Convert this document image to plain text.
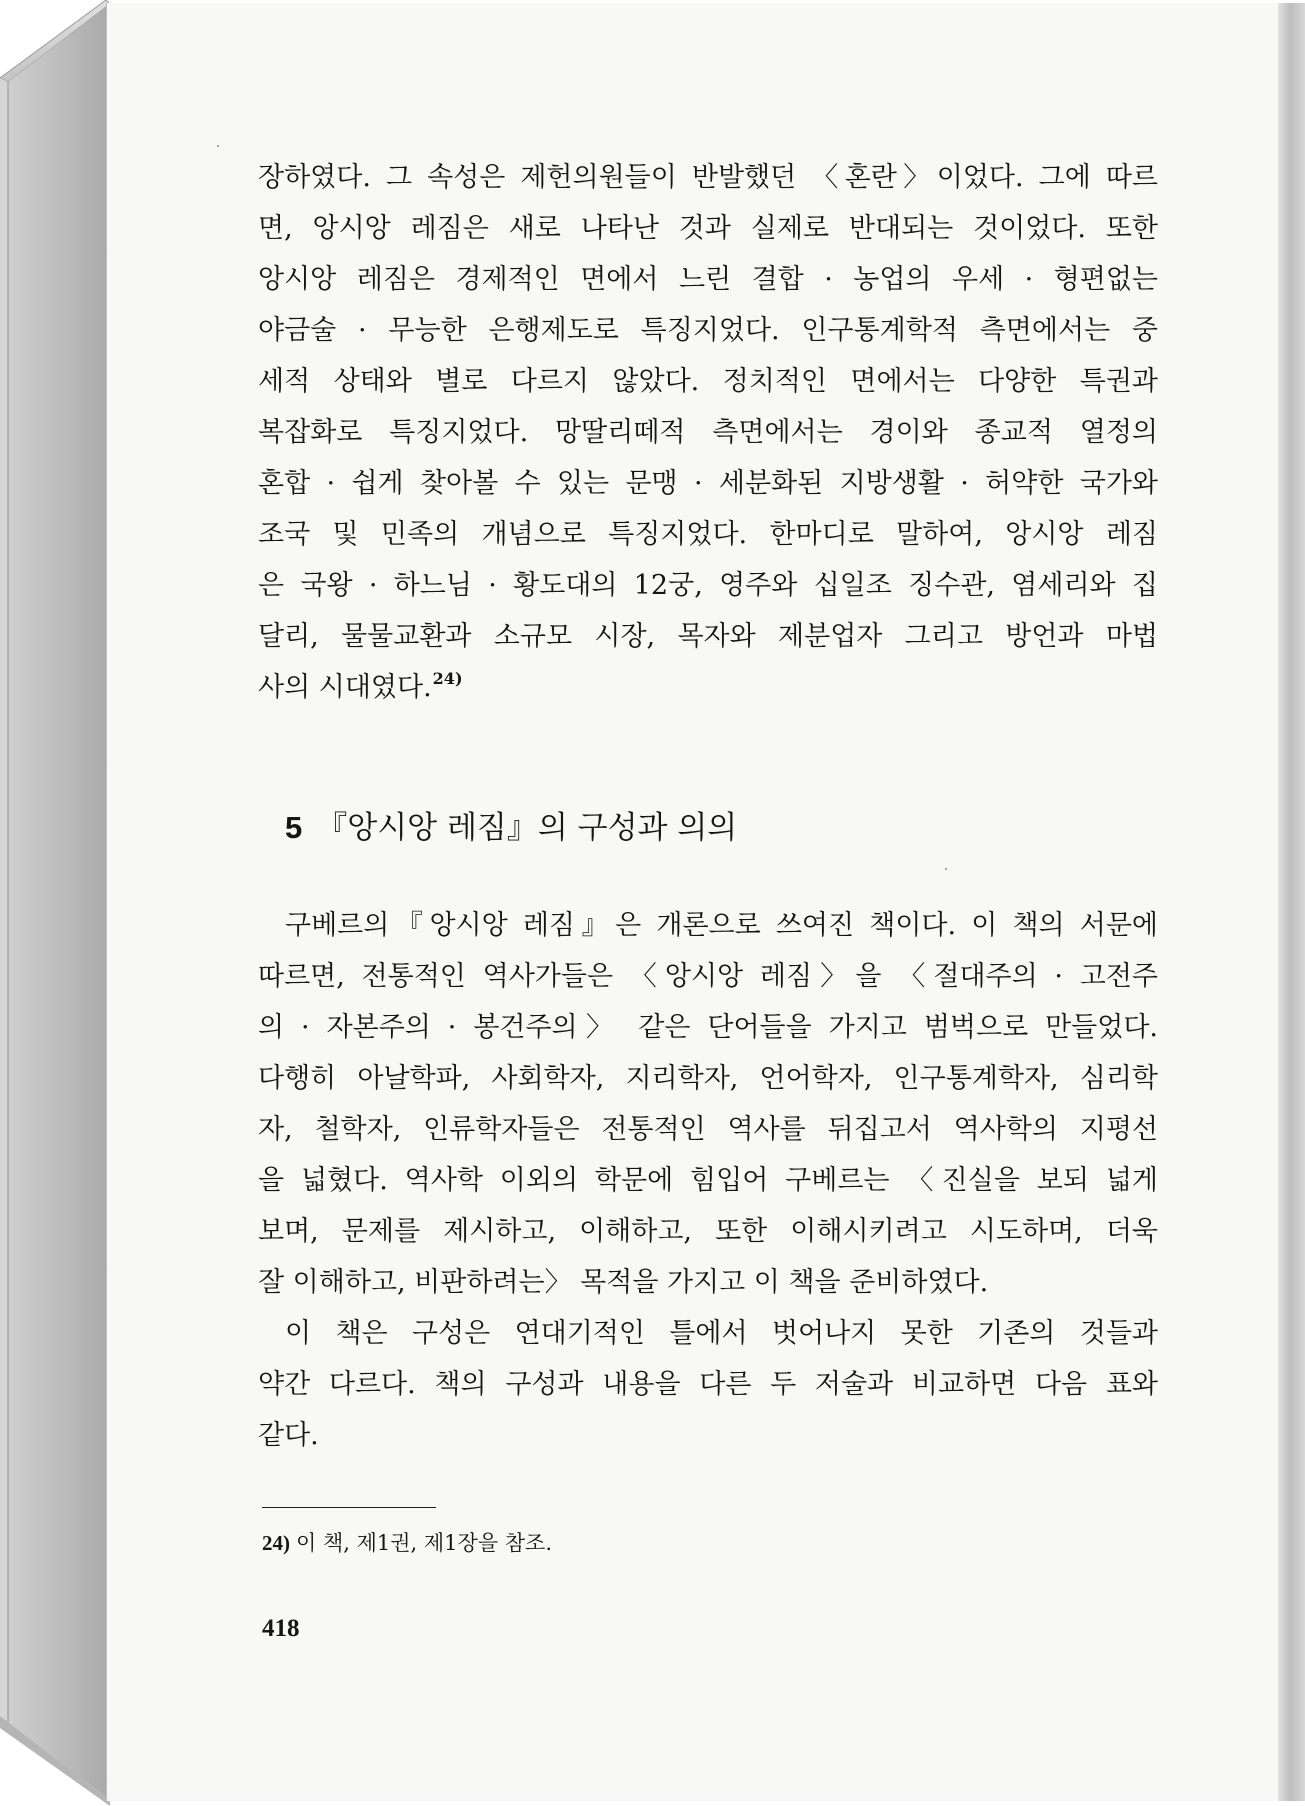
장하였다. 그 속성은 제헌의원들이 반발했던 〈혼란〉이었다. 그에 따르
면, 앙시앙 레짐은 새로 나타난 것과 실제로 반대되는 것이었다. 또한
앙시앙 레짐은 경제적인 면에서 느린 결합 · 농업의 우세 · 형편없는
야금술 · 무능한 은행제도로 특징지었다. 인구통계학적 측면에서는 중
세적 상태와 별로 다르지 않았다. 정치적인 면에서는 다양한 특권과
복잡화로 특징지었다. 망딸리떼적 측면에서는 경이와 종교적 열정의
혼합 · 쉽게 찾아볼 수 있는 문맹 · 세분화된 지방생활 · 허약한 국가와
조국 및 민족의 개념으로 특징지었다. 한마디로 말하여, 앙시앙 레짐
은 국왕 · 하느님 · 황도대의 12궁, 영주와 십일조 징수관, 염세리와 집
달리, 물물교환과 소규모 시장, 목자와 제분업자 그리고 방언과 마법
사의 시대였다.$^{24)}$
5 『앙시앙 레짐』의 구성과 의의
구베르의『앙시앙 레짐』은 개론으로 쓰여진 책이다. 이 책의 서문에
따르면, 전통적인 역사가들은 〈앙시앙 레짐〉을 〈절대주의 · 고전주
의 · 자본주의 · 봉건주의〉 같은 단어들을 가지고 범벅으로 만들었다.
다행히 아날학파, 사회학자, 지리학자, 언어학자, 인구통계학자, 심리학
자, 철학자, 인류학자들은 전통적인 역사를 뒤집고서 역사학의 지평선
을 넓혔다. 역사학 이외의 학문에 힘입어 구베르는 〈진실을 보되 넓게
보며, 문제를 제시하고, 이해하고, 또한 이해시키려고 시도하며, 더욱
잘 이해하고, 비판하려는〉 목적을 가지고 이 책을 준비하였다.
이 책은 구성은 연대기적인 틀에서 벗어나지 못한 기존의 것들과
약간 다르다. 책의 구성과 내용을 다른 두 저술과 비교하면 다음 표와
같다.

24) 이 책, 제1권, 제1장을 참조.

418
